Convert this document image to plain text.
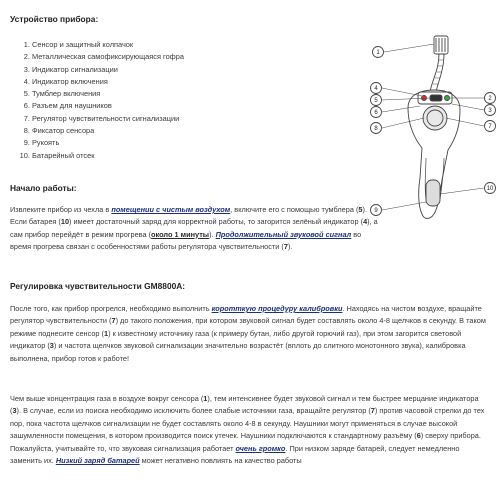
Устройство прибора:
1. Сенсор и защитный колпачок
2. Металлическая самофиксирующаяся гофра
3. Индикатор сигнализации
4. Индикатор включения
5. Тумблер включения
6. Разъем для наушников
7. Регулятор чувствительности сигнализации
8. Фиксатор сенсора
9. Рукоять
10. Батарейный отсек
1
2
3
4
5
6
7
8
9
10
Начало работы:

Извлеките прибор из чехла в помещении с чистым воздухом, включите его с помощью тумблера (5). Если батарея (10) имеет достаточный заряд для корректной работы, то загорится зелёный индикатор (4), а сам прибор перейдёт в режим прогрева (около 1 минуты). Продолжительный звуковой сигнал во время прогрева связан с особенностями работы регулятора чувствительности (7).

Регулировка чувствительности GM8800A:

После того, как прибор прогрелся, необходимо выполнить коротткую процедуру калибровки. Находясь на чистом воздухе, вращайте регулятор чувствительности (7) до такого положения, при котором звуковой сигнал будет составлять около 4-8 щелчков в секунду. В таком режиме поднесите сенсор (1) к известному источнику газа (к примеру бутан, либо другой горючий газ), при этом загорится световой индикатор (3) и частота щелчков звуковой сигнализации значительно возрастёт (вплоть до слитного монотонного звука), калибровка выполнена, прибор готов к работе!

Чем выше концентрация газа в воздухе вокруг сенсора (1), тем интенсивнее будет звуковой сигнал и тем быстрее мерцание индикатора (3). В случае, если из поиска необходимо исключить более слабые источники газа, вращайте регулятор (7) против часовой стрелки до тех пор, пока частота щелчков сигнализации не будет составлять около 4-8 в секунду. Наушники могут применяться в случае высокой зашумленности помещения, в котором производится поиск утечек. Наушники подключаются к стандартному разъёму (6) сверху прибора. Пожалуйста, учитывайте то, что звуковая сигнализация работает очень громко. При низком заряде батарей, следует немедленно заменить их. Низкий заряд батарей может негативно повлиять на качество работы
